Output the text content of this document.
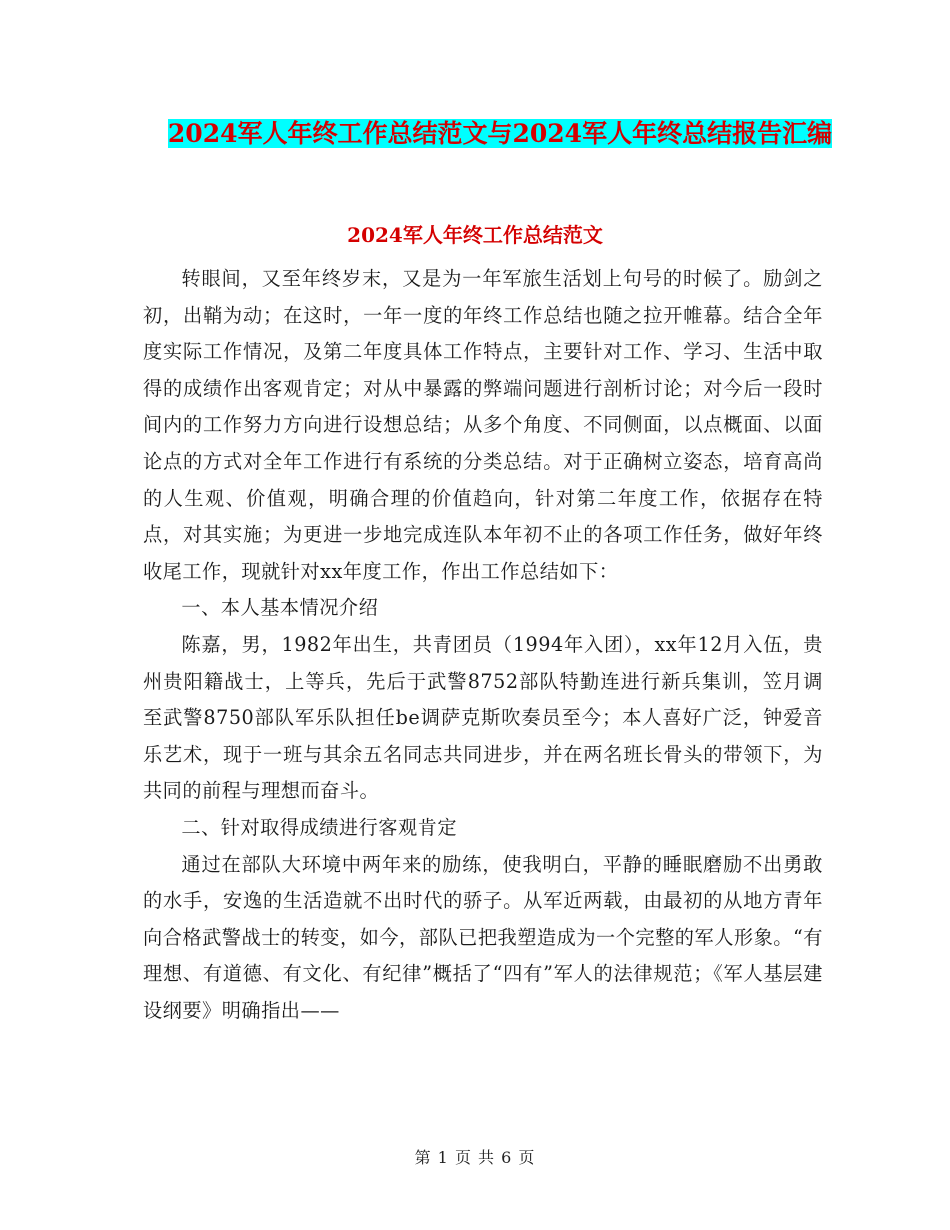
2024军人年终工作总结范文与2024军人年终总结报告汇编
2024军人年终工作总结范文

转眼间，又至年终岁末，又是为一年军旅生活划上句号的时候了。励剑之初，出鞘为动；在这时，一年一度的年终工作总结也随之拉开帷幕。结合全年度实际工作情况，及第二年度具体工作特点，主要针对工作、学习、生活中取得的成绩作出客观肯定；对从中暴露的弊端问题进行剖析讨论；对今后一段时间内的工作努力方向进行设想总结；从多个角度、不同侧面，以点概面、以面论点的方式对全年工作进行有系统的分类总结。对于正确树立姿态，培育高尚的人生观、价值观，明确合理的价值趋向，针对第二年度工作，依据存在特点，对其实施；为更进一步地完成连队本年初不止的各项工作任务，做好年终收尾工作，现就针对xx年度工作，作出工作总结如下：

一、本人基本情况介绍

陈嘉，男，1982年出生，共青团员（1994年入团），xx年12月入伍，贵州贵阳籍战士，上等兵，先后于武警8752部队特勤连进行新兵集训，笠月调至武警8750部队军乐队担任be调萨克斯吹奏员至今；本人喜好广泛，钟爱音乐艺术，现于一班与其余五名同志共同进步，并在两名班长骨头的带领下，为共同的前程与理想而奋斗。

二、针对取得成绩进行客观肯定

通过在部队大环境中两年来的励练，使我明白，平静的睡眠磨励不出勇敢的水手，安逸的生活造就不出时代的骄子。从军近两载，由最初的从地方青年向合格武警战士的转变，如今，部队已把我塑造成为一个完整的军人形象。“有理想、有道德、有文化、有纪律”概括了“四有”军人的法律规范；《军人基层建设纲要》明确指出——

第 1 页 共 6 页
